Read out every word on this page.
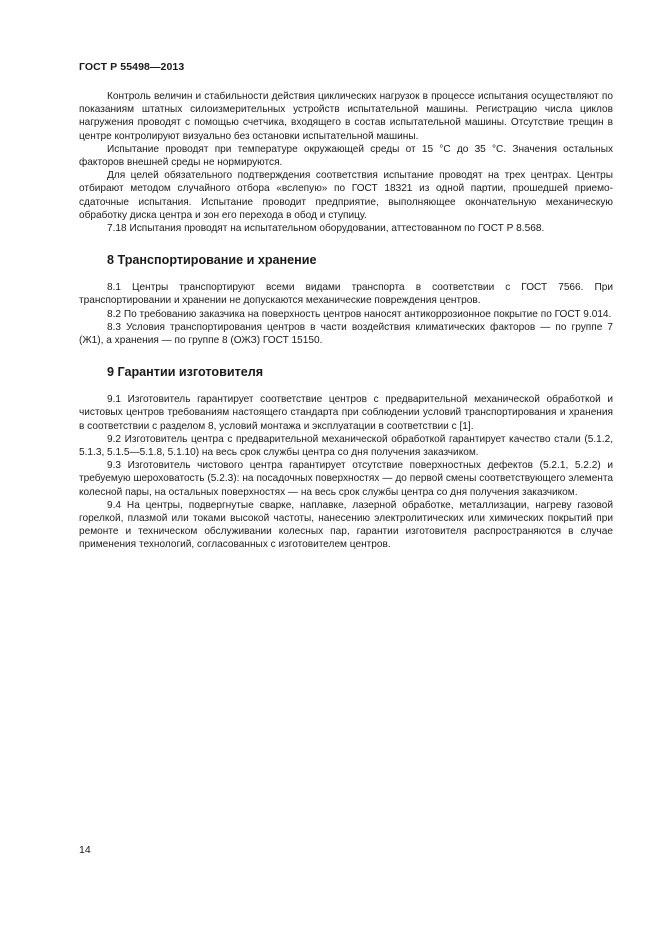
ГОСТ Р 55498—2013

Контроль величин и стабильности действия циклических нагрузок в процессе испытания осуществляют по показаниям штатных силоизмерительных устройств испытательной машины. Регистрацию числа циклов нагружения проводят с помощью счетчика, входящего в состав испытательной машины. Отсутствие трещин в центре контролируют визуально без остановки испытательной машины.

Испытание проводят при температуре окружающей среды от 15 °С до 35 °С. Значения остальных факторов внешней среды не нормируются.

Для целей обязательного подтверждения соответствия испытание проводят на трех центрах. Центры отбирают методом случайного отбора «вслепую» по ГОСТ 18321 из одной партии, прошедшей приемо-сдаточные испытания. Испытание проводит предприятие, выполняющее окончательную механическую обработку диска центра и зон его перехода в обод и ступицу.

7.18 Испытания проводят на испытательном оборудовании, аттестованном по ГОСТ Р 8.568.

8 Транспортирование и хранение

8.1 Центры транспортируют всеми видами транспорта в соответствии с ГОСТ 7566. При транспортировании и хранении не допускаются механические повреждения центров.

8.2 По требованию заказчика на поверхность центров наносят антикоррозионное покрытие по ГОСТ 9.014.

8.3 Условия транспортирования центров в части воздействия климатических факторов — по группе 7 (Ж1), а хранения — по группе 8 (ОЖЗ) ГОСТ 15150.

9 Гарантии изготовителя

9.1 Изготовитель гарантирует соответствие центров с предварительной механической обработкой и чистовых центров требованиям настоящего стандарта при соблюдении условий транспортирования и хранения в соответствии с разделом 8, условий монтажа и эксплуатации в соответствии с [1].

9.2 Изготовитель центра с предварительной механической обработкой гарантирует качество стали (5.1.2, 5.1.3, 5.1.5—5.1.8, 5.1.10) на весь срок службы центра со дня получения заказчиком.

9.3 Изготовитель чистового центра гарантирует отсутствие поверхностных дефектов (5.2.1, 5.2.2) и требуемую шероховатость (5.2.3): на посадочных поверхностях — до первой смены соответствующего элемента колесной пары, на остальных поверхностях — на весь срок службы центра со дня получения заказчиком.

9.4 На центры, подвергнутые сварке, наплавке, лазерной обработке, металлизации, нагреву газовой горелкой, плазмой или токами высокой частоты, нанесению электролитических или химических покрытий при ремонте и техническом обслуживании колесных пар, гарантии изготовителя распространяются в случае применения технологий, согласованных с изготовителем центров.

14
